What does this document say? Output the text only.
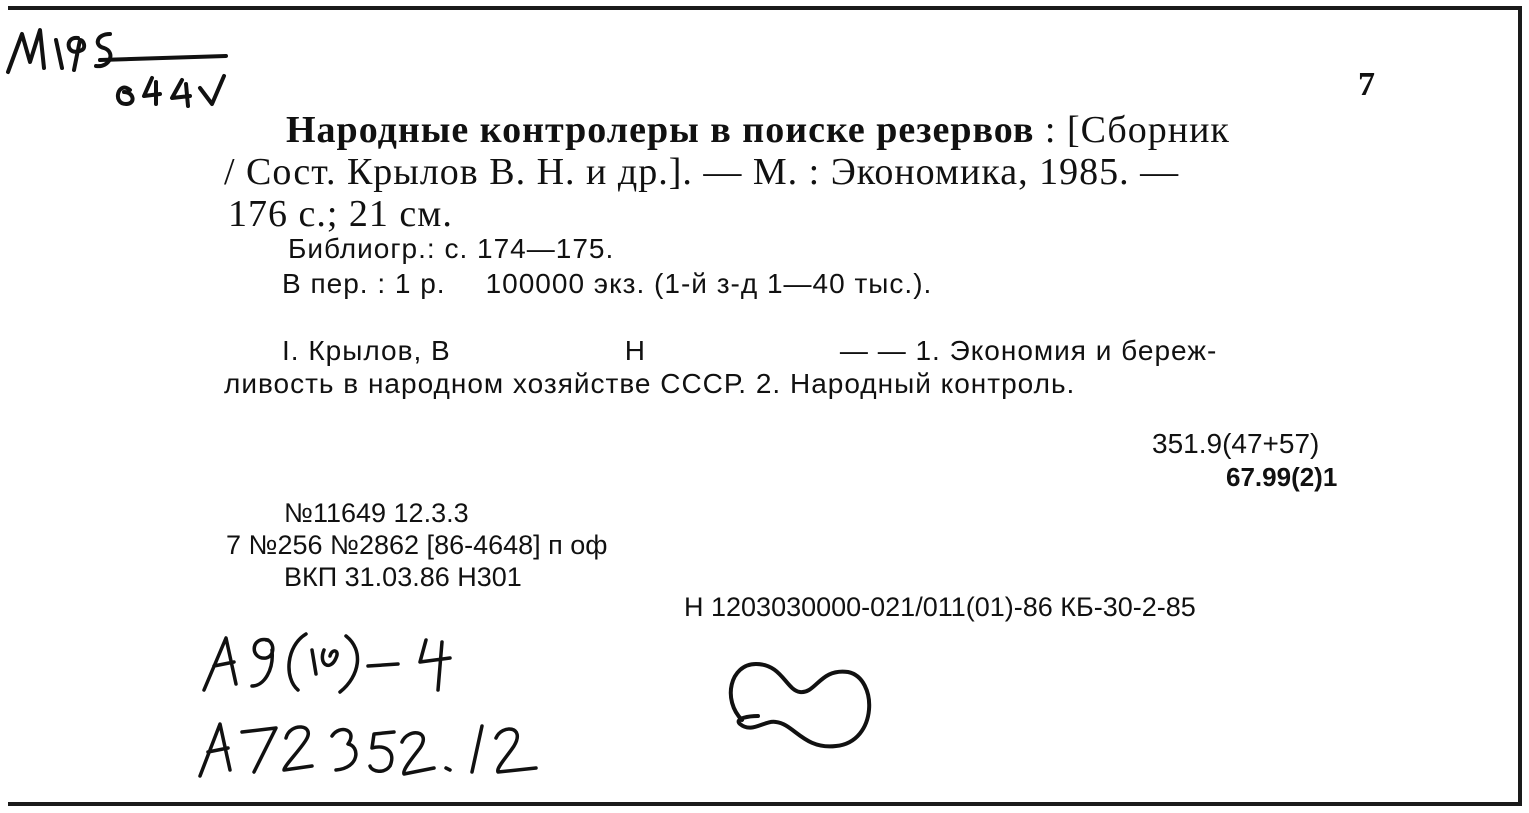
7
Народные контролеры в поиске резервов : [Сборник
/ Сост. Крылов В. Н. и др.]. — М. : Экономика, 1985. —
176 с.; 21 см.
Библиогр.: с. 174—175.
В пер. : 1 р. 100000 экз. (1-й з-д 1—40 тыс.).
I. Крылов, В	Н	— — 1. Экономия и береж-
ливость в народном хозяйстве СССР. 2. Народный контроль.
351.9(47+57)
67.99(2)1
№11649 12.3.3
7 №256 №2862 [86-4648] п оф
ВКП 31.03.86 Н301
Н 1203030000-021/011(01)-86 КБ-30-2-85
